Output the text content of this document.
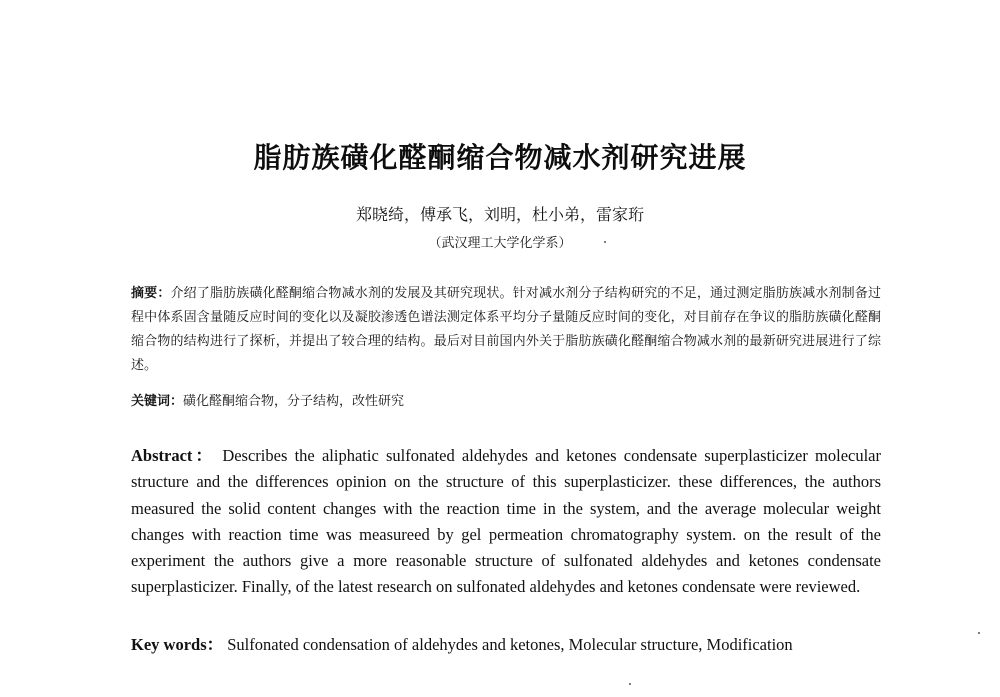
脂肪族磺化醛酮缩合物减水剂研究进展
郑晓绮，傅承飞，刘明，杜小弟，雷家珩
（武汉理工大学化学系）
摘要：介绍了脂肪族磺化醛酮缩合物减水剂的发展及其研究现状。针对减水剂分子结构研究的不足，通过测定脂肪族减水剂制备过程中体系固含量随反应时间的变化以及凝胶渗透色谱法测定体系平均分子量随反应时间的变化，对目前存在争议的脂肪族磺化醛酮缩合物的结构进行了探析，并提出了较合理的结构。最后对目前国内外关于脂肪族磺化醛酮缩合物减水剂的最新研究进展进行了综述。
关键词：磺化醛酮缩合物，分子结构，改性研究
Abstract： Describes the aliphatic sulfonated aldehydes and ketones condensate superplasticizer molecular structure and the differences opinion on the structure of this superplasticizer. these differences, the authors measured the solid content changes with the reaction time in the system, and the average molecular weight changes with reaction time was measureed by gel permeation chromatography system. on the result of the experiment the authors give a more reasonable structure of sulfonated aldehydes and ketones condensate superplasticizer. Finally, of the latest research on sulfonated aldehydes and ketones condensate were reviewed.
Key words： Sulfonated condensation of aldehydes and ketones, Molecular structure, Modification
